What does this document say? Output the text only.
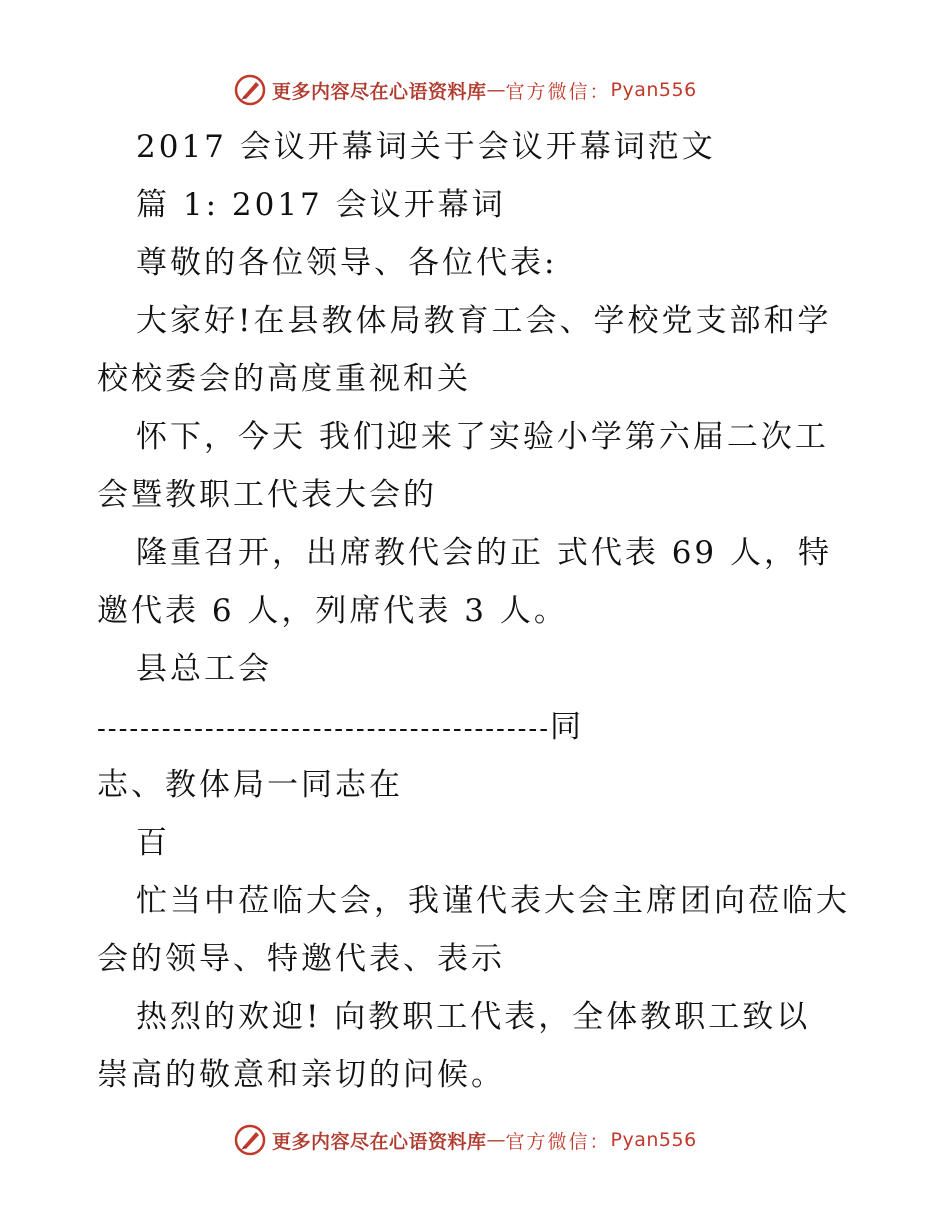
更多内容尽在心语资料库 — 官方微信： Pyan556
2017 会议开幕词关于会议开幕词范文
篇 1: 2017 会议开幕词
尊敬的各位领导、各位代表:
大家好!在县教体局教育工会、学校党支部和学
校校委会的高度重视和关
怀下，今天 我们迎来了实验小学第六届二次工
会暨教职工代表大会的
隆重召开，出席教代会的正 式代表 69 人，特
邀代表 6 人，列席代表 3 人。
县总工会
------------------------------------------同
志、教体局一同志在
百
忙当中莅临大会，我谨代表大会主席团向莅临大
会的领导、特邀代表、表示
热烈的欢迎! 向教职工代表，全体教职工致以
崇高的敬意和亲切的问候。
更多内容尽在心语资料库 — 官方微信： Pyan556
